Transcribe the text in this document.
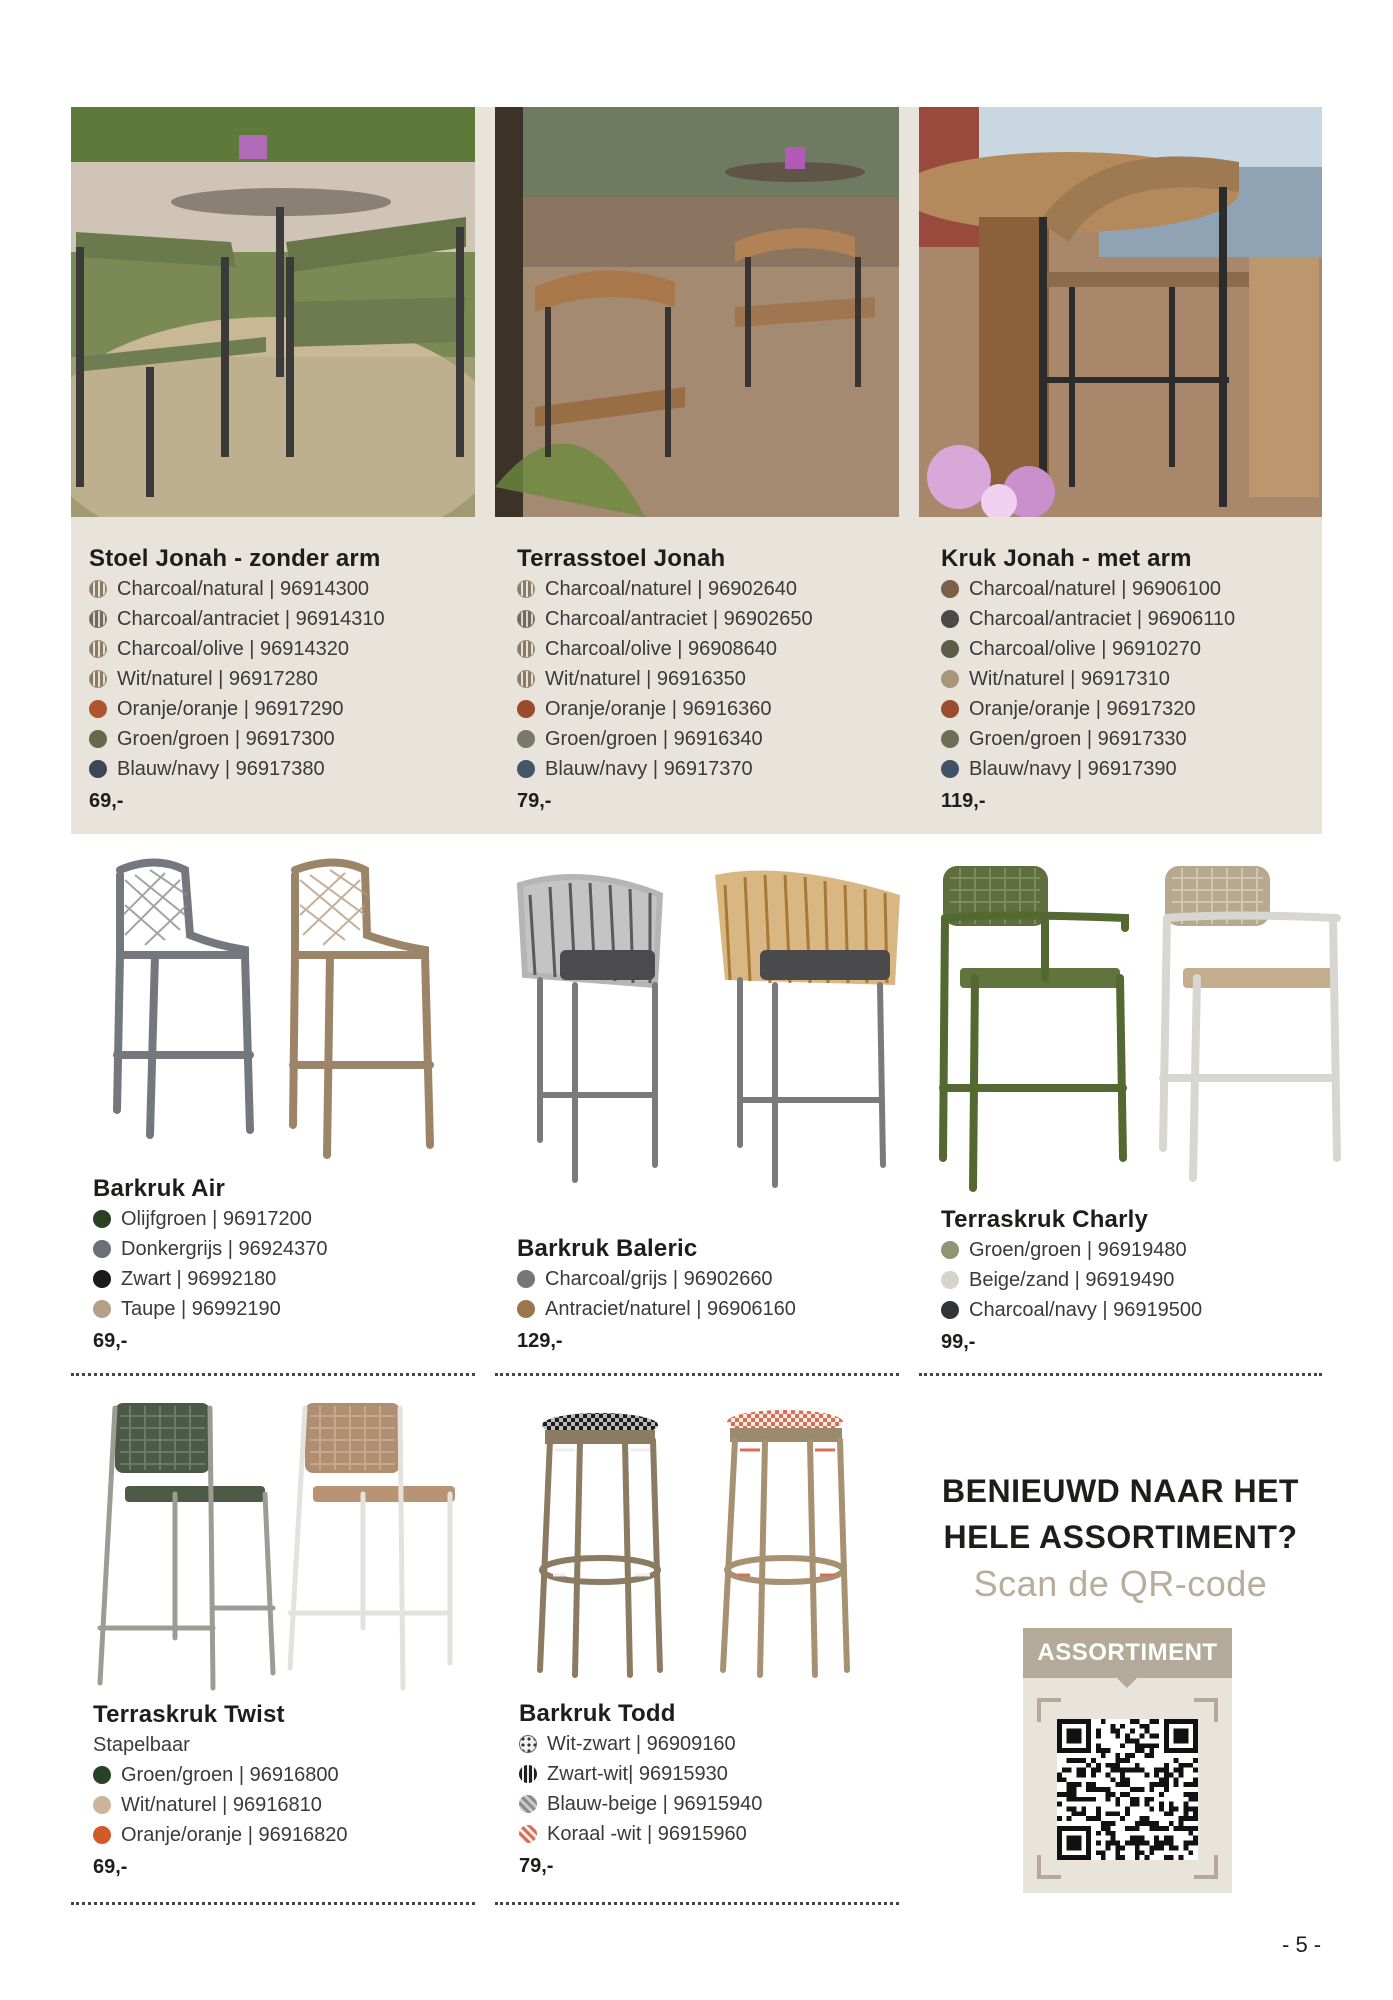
Stoel Jonah - zonder arm
Charcoal/natural | 96914300
Charcoal/antraciet | 96914310
Charcoal/olive | 96914320
Wit/naturel | 96917280
Oranje/oranje | 96917290
Groen/groen | 96917300
Blauw/navy | 96917380
69,-
Terrasstoel Jonah
Charcoal/naturel | 96902640
Charcoal/antraciet | 96902650
Charcoal/olive | 96908640
Wit/naturel | 96916350
Oranje/oranje | 96916360
Groen/groen | 96916340
Blauw/navy | 96917370
79,-
Kruk Jonah - met arm
Charcoal/naturel | 96906100
Charcoal/antraciet | 96906110
Charcoal/olive | 96910270
Wit/naturel | 96917310
Oranje/oranje | 96917320
Groen/groen | 96917330
Blauw/navy | 96917390
119,-
Barkruk Air
Olijfgroen | 96917200
Donkergrijs | 96924370
Zwart | 96992180
Taupe | 96992190
69,-
Barkruk Baleric
Charcoal/grijs | 96902660
Antraciet/naturel | 96906160
129,-
Terraskruk Charly
Groen/groen | 96919480
Beige/zand | 96919490
Charcoal/navy | 96919500
99,-
Terraskruk Twist
Stapelbaar
Groen/groen | 96916800
Wit/naturel | 96916810
Oranje/oranje | 96916820
69,-
Barkruk Todd
Wit-zwart | 96909160
Zwart-wit| 96915930
Blauw-beige | 96915940
Koraal -wit | 96915960
79,-
BENIEUWD NAAR HET
HELE ASSORTIMENT?
Scan de QR-code
ASSORTIMENT
- 5 -
